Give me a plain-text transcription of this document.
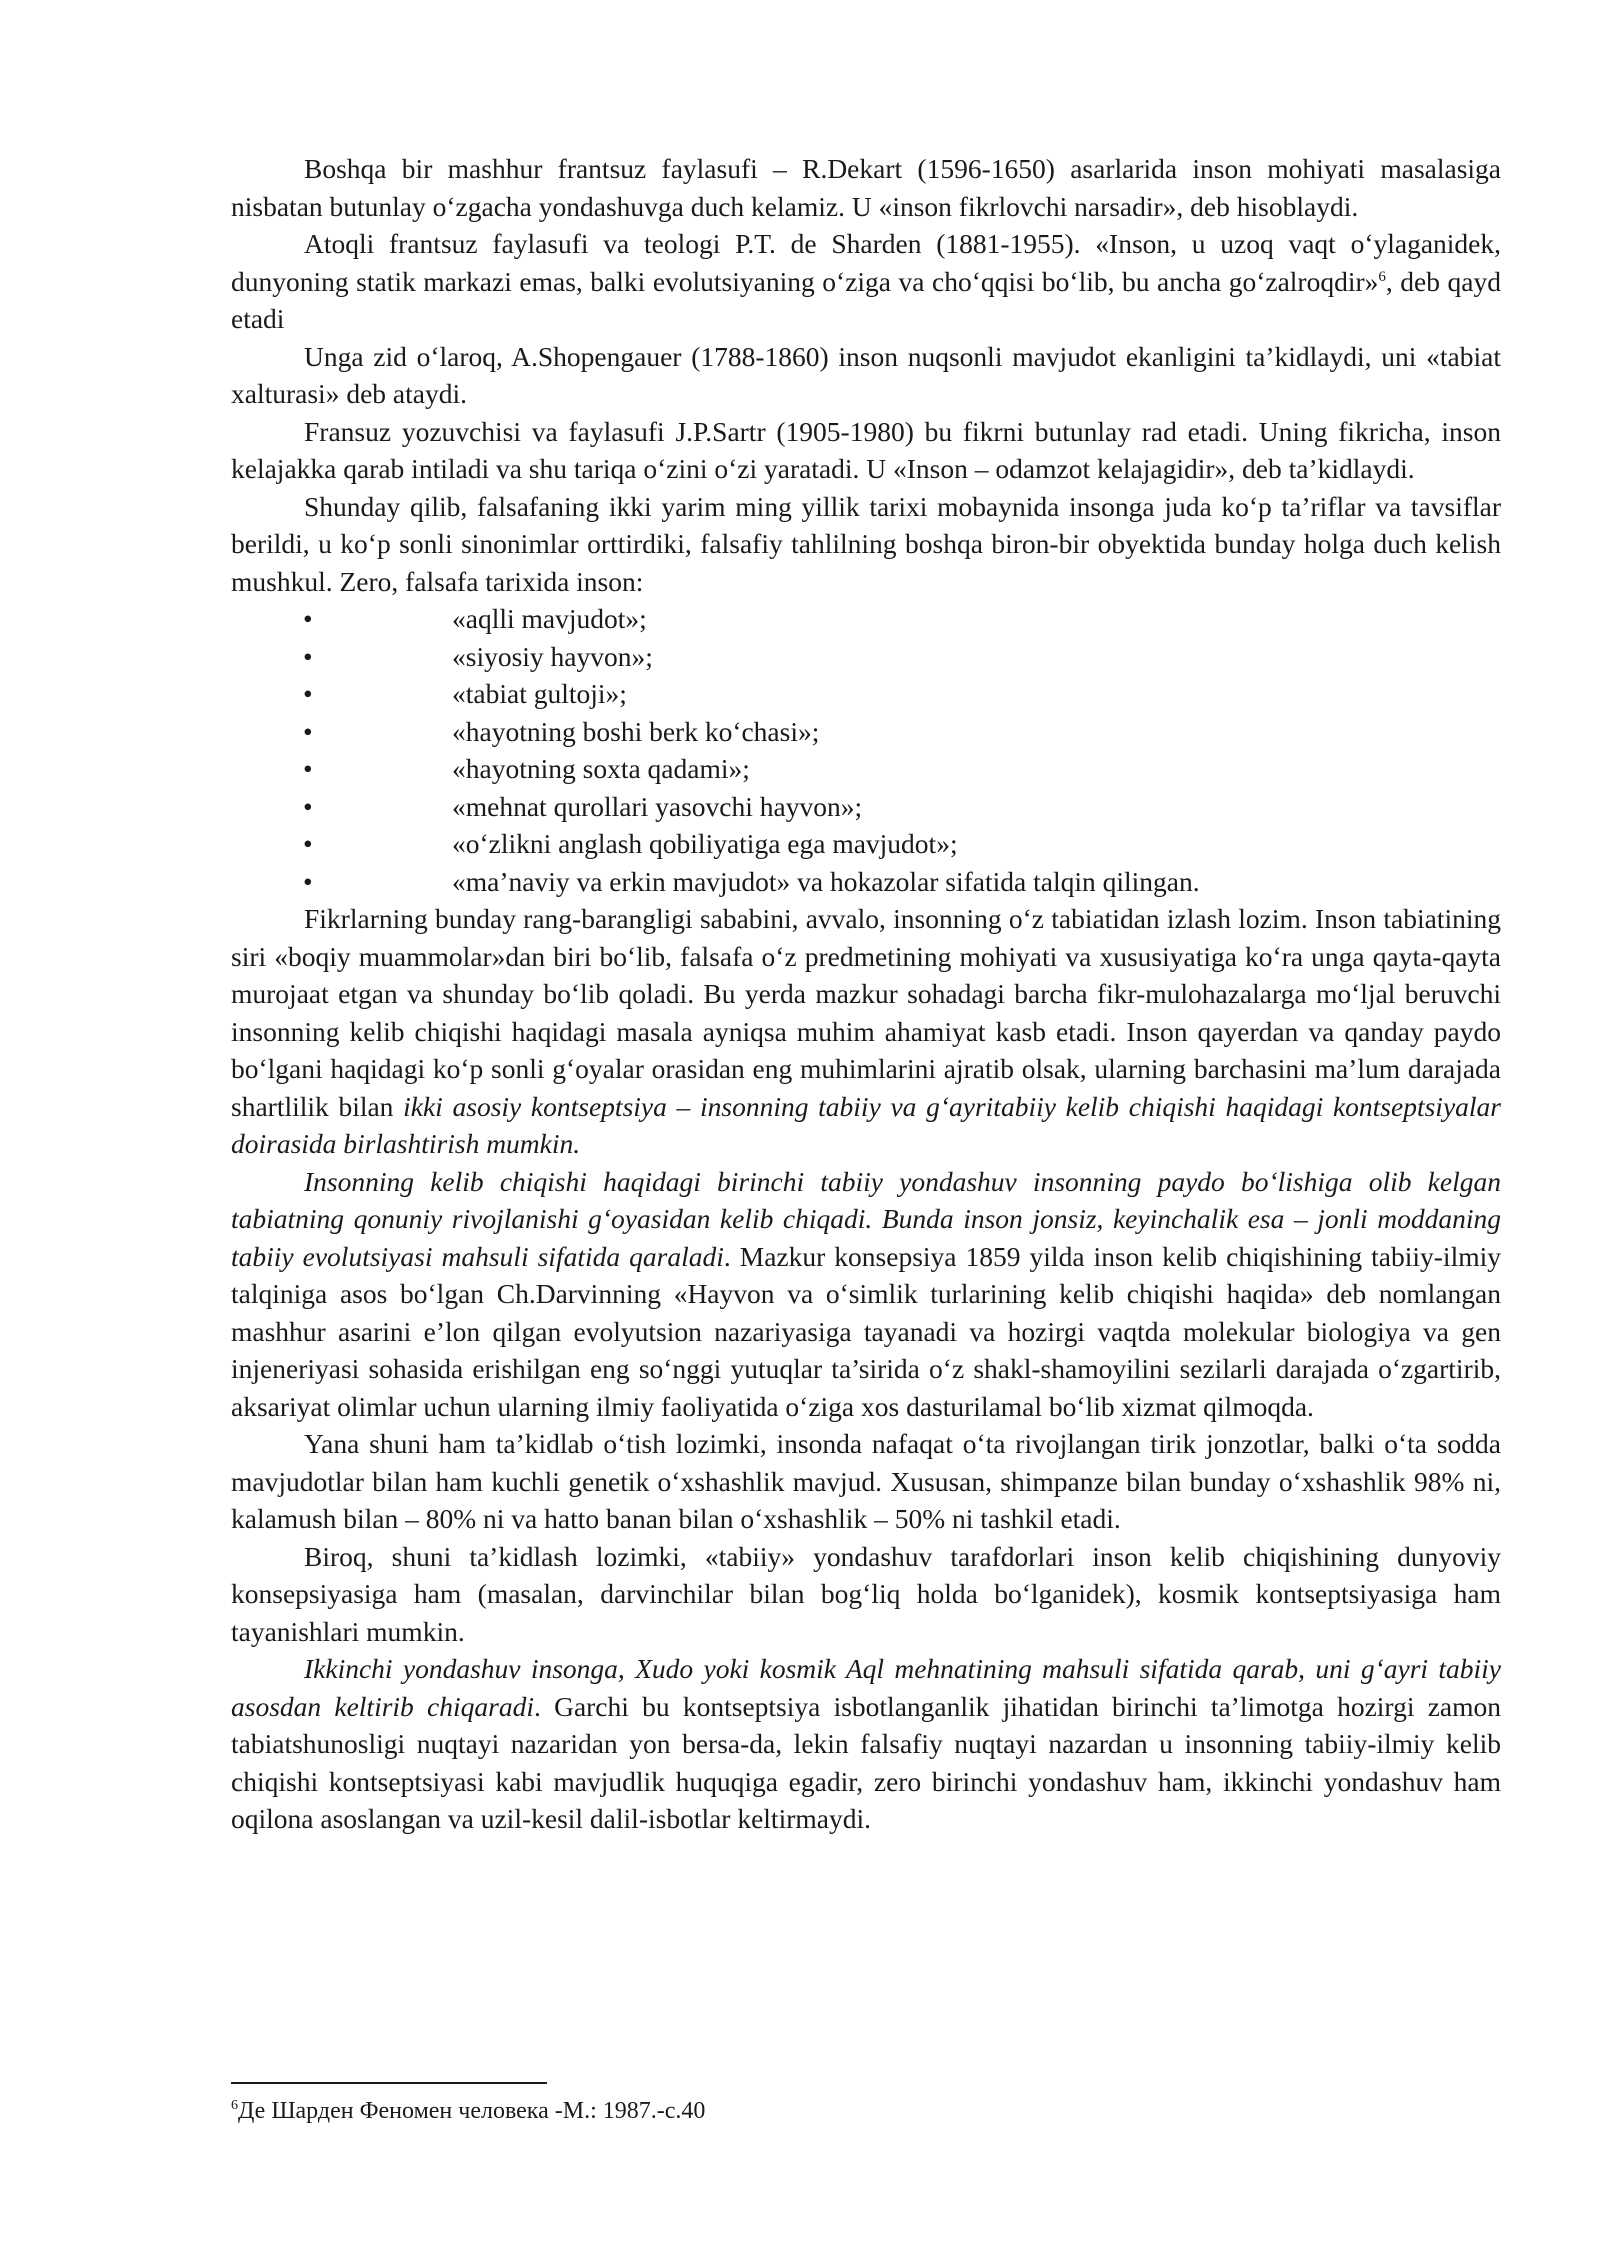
Boshqa bir mashhur frantsuz faylasufi – R.Dekart (1596-1650) asarlarida inson mohiyati masalasiga nisbatan butunlay o‘zgacha yondashuvga duch kelamiz. U «inson fikrlovchi narsadir», deb hisoblaydi.

Atoqli frantsuz faylasufi va teologi P.T. de Sharden (1881-1955). «Inson, u uzoq vaqt o‘ylaganidek, dunyoning statik markazi emas, balki evolutsiyaning o‘ziga va cho‘qqisi bo‘lib, bu ancha go‘zalroqdir»$^6$, deb qayd etadi

Unga zid o‘laroq, A.Shopengauer (1788-1860) inson nuqsonli mavjudot ekanligini ta’kidlaydi, uni «tabiat xalturasi» deb ataydi.

Fransuz yozuvchisi va faylasufi J.P.Sartr (1905-1980) bu fikrni butunlay rad etadi. Uning fikricha, inson kelajakka qarab intiladi va shu tariqa o‘zini o‘zi yaratadi. U «Inson – odamzot kelajagidir», deb ta’kidlaydi.

Shunday qilib, falsafaning ikki yarim ming yillik tarixi mobaynida insonga juda ko‘p ta’riflar va tavsiflar berildi, u ko‘p sonli sinonimlar orttirdiki, falsafiy tahlilning boshqa biron-bir obyektida bunday holga duch kelish mushkul. Zero, falsafa tarixida inson:

•	«aqlli mavjudot»;
•	«siyosiy hayvon»;
•	«tabiat gultoji»;
•	«hayotning boshi berk ko‘chasi»;
•	«hayotning soxta qadami»;
•	«mehnat qurollari yasovchi hayvon»;
•	«o‘zlikni anglash qobiliyatiga ega mavjudot»;
•	«ma’naviy va erkin mavjudot» va hokazolar sifatida talqin qilingan.

Fikrlarning bunday rang-barangligi sababini, avvalo, insonning o‘z tabiatidan izlash lozim. Inson tabiatining siri «boqiy muammolar»dan biri bo‘lib, falsafa o‘z predmetining mohiyati va xususiyatiga ko‘ra unga qayta-qayta murojaat etgan va shunday bo‘lib qoladi. Bu yerda mazkur sohadagi barcha fikr-mulohazalarga mo‘ljal beruvchi insonning kelib chiqishi haqidagi masala ayniqsa muhim ahamiyat kasb etadi. Inson qayerdan va qanday paydo bo‘lgani haqidagi ko‘p sonli g‘oyalar orasidan eng muhimlarini ajratib olsak, ularning barchasini ma’lum darajada shartlilik bilan ikki asosiy kontseptsiya – insonning tabiiy va g‘ayritabiiy kelib chiqishi haqidagi kontseptsiyalar doirasida birlashtirish mumkin.

Insonning kelib chiqishi haqidagi birinchi tabiiy yondashuv insonning paydo bo‘lishiga olib kelgan tabiatning qonuniy rivojlanishi g‘oyasidan kelib chiqadi. Bunda inson jonsiz, keyinchalik esa – jonli moddaning tabiiy evolutsiyasi mahsuli sifatida qaraladi. Mazkur konsepsiya 1859 yilda inson kelib chiqishining tabiiy-ilmiy talqiniga asos bo‘lgan Ch.Darvinning «Hayvon va o‘simlik turlarining kelib chiqishi haqida» deb nomlangan mashhur asarini e’lon qilgan evolyutsion nazariyasiga tayanadi va hozirgi vaqtda molekular biologiya va gen injeneriyasi sohasida erishilgan eng so‘nggi yutuqlar ta’sirida o‘z shakl-shamoyilini sezilarli darajada o‘zgartirib, aksariyat olimlar uchun ularning ilmiy faoliyatida o‘ziga xos dasturilamal bo‘lib xizmat qilmoqda.

Yana shuni ham ta’kidlab o‘tish lozimki, insonda nafaqat o‘ta rivojlangan tirik jonzotlar, balki o‘ta sodda mavjudotlar bilan ham kuchli genetik o‘xshashlik mavjud. Xususan, shimpanze bilan bunday o‘xshashlik 98% ni, kalamush bilan – 80% ni va hatto banan bilan o‘xshashlik – 50% ni tashkil etadi.

Biroq, shuni ta’kidlash lozimki, «tabiiy» yondashuv tarafdorlari inson kelib chiqishining dunyoviy konsepsiyasiga ham (masalan, darvinchilar bilan bog‘liq holda bo‘lganidek), kosmik kontseptsiyasiga ham tayanishlari mumkin.

Ikkinchi yondashuv insonga, Xudo yoki kosmik Aql mehnatining mahsuli sifatida qarab, uni g‘ayri tabiiy asosdan keltirib chiqaradi. Garchi bu kontseptsiya isbotlanganlik jihatidan birinchi ta’limotga hozirgi zamon tabiatshunosligi nuqtayi nazaridan yon bersa-da, lekin falsafiy nuqtayi nazardan u insonning tabiiy-ilmiy kelib chiqishi kontseptsiyasi kabi mavjudlik huquqiga egadir, zero birinchi yondashuv ham, ikkinchi yondashuv ham oqilona asoslangan va uzil-kesil dalil-isbotlar keltirmaydi.

$^6$Де Шарден Феномен человека -М.: 1987.-с.40
